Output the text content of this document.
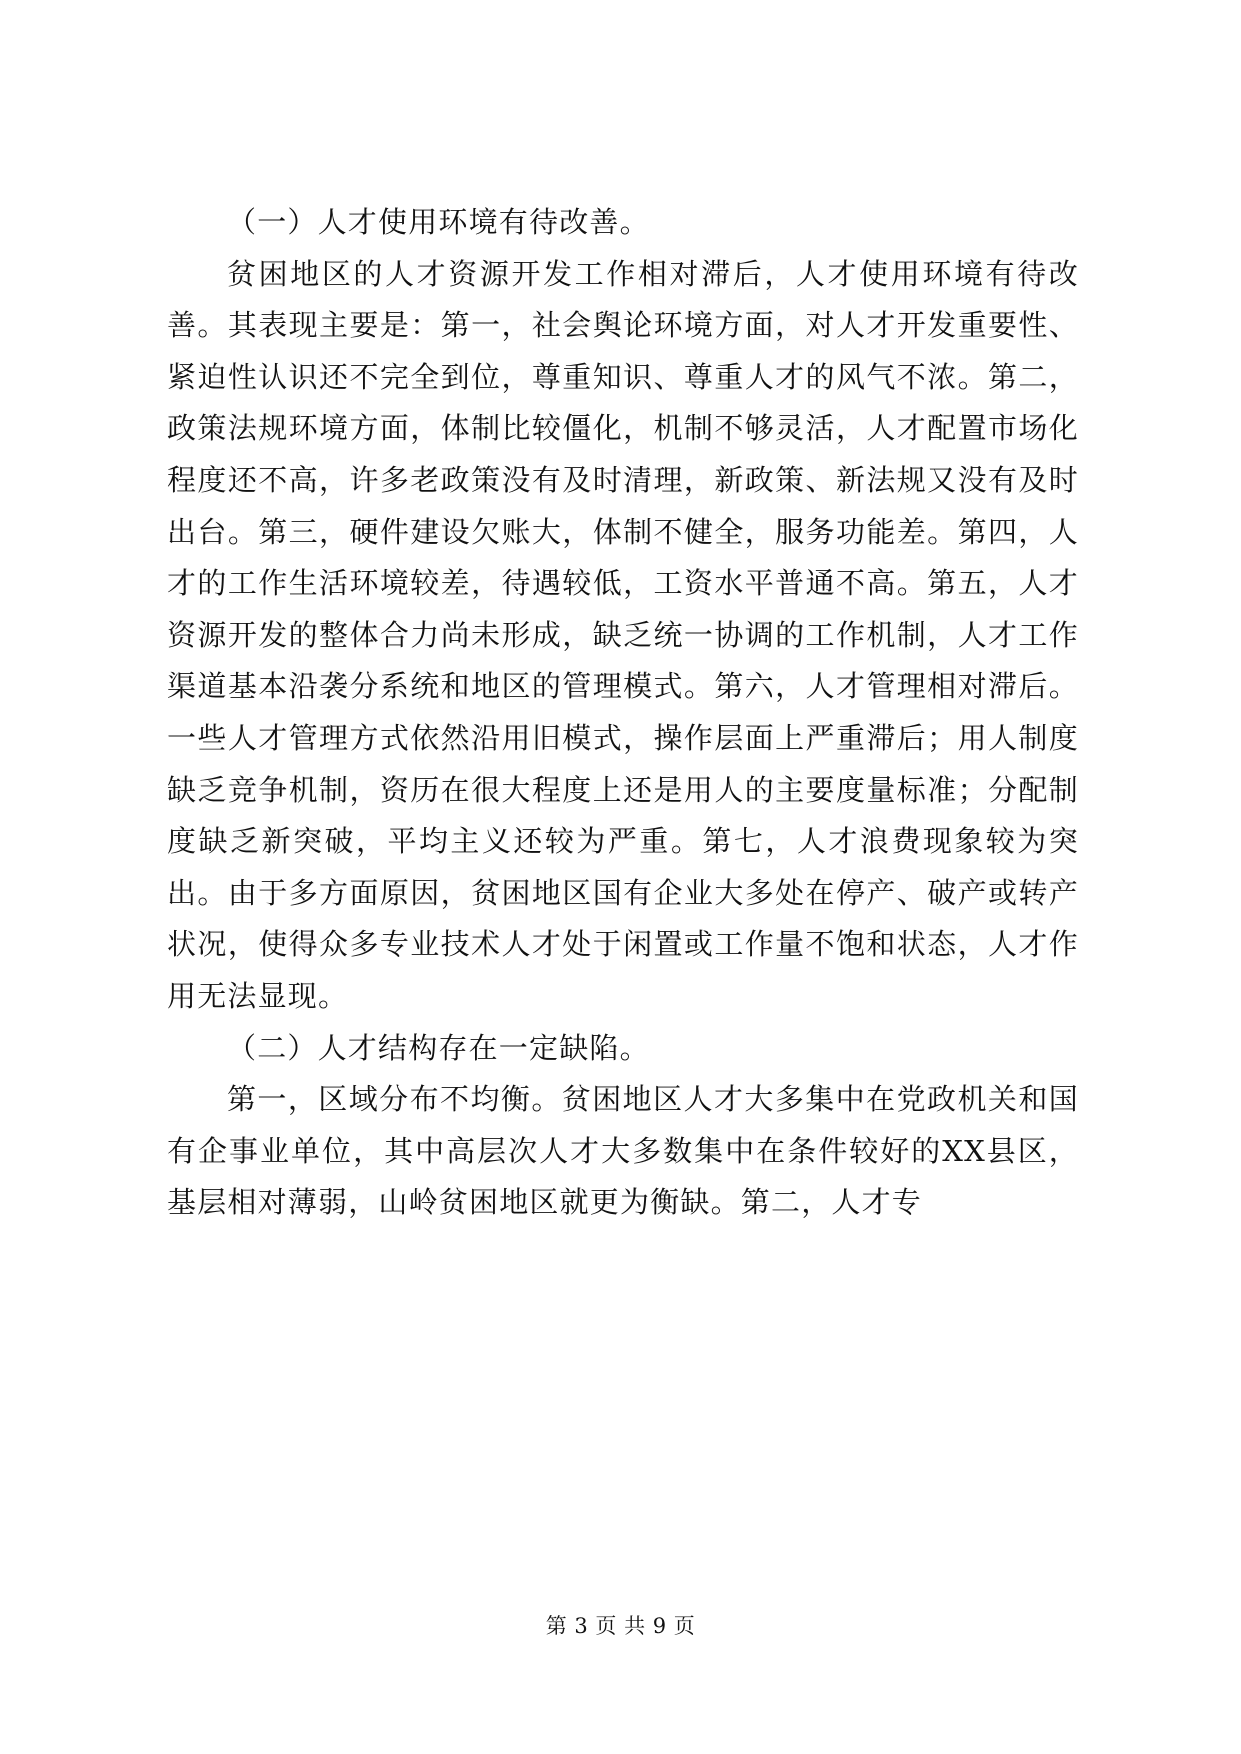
（一）人才使用环境有待改善。

贫困地区的人才资源开发工作相对滞后，人才使用环境有待改善。其表现主要是：第一，社会舆论环境方面，对人才开发重要性、紧迫性认识还不完全到位，尊重知识、尊重人才的风气不浓。第二，政策法规环境方面，体制比较僵化，机制不够灵活，人才配置市场化程度还不高，许多老政策没有及时清理，新政策、新法规又没有及时出台。第三，硬件建设欠账大，体制不健全，服务功能差。第四，人才的工作生活环境较差，待遇较低，工资水平普通不高。第五，人才资源开发的整体合力尚未形成，缺乏统一协调的工作机制，人才工作渠道基本沿袭分系统和地区的管理模式。第六，人才管理相对滞后。一些人才管理方式依然沿用旧模式，操作层面上严重滞后；用人制度缺乏竞争机制，资历在很大程度上还是用人的主要度量标准；分配制度缺乏新突破，平均主义还较为严重。第七，人才浪费现象较为突出。由于多方面原因，贫困地区国有企业大多处在停产、破产或转产状况，使得众多专业技术人才处于闲置或工作量不饱和状态，人才作用无法显现。

（二）人才结构存在一定缺陷。

第一，区域分布不均衡。贫困地区人才大多集中在党政机关和国有企事业单位，其中高层次人才大多数集中在条件较好的XX县区，基层相对薄弱，山岭贫困地区就更为衡缺。第二，人才专

第 3 页 共 9 页
